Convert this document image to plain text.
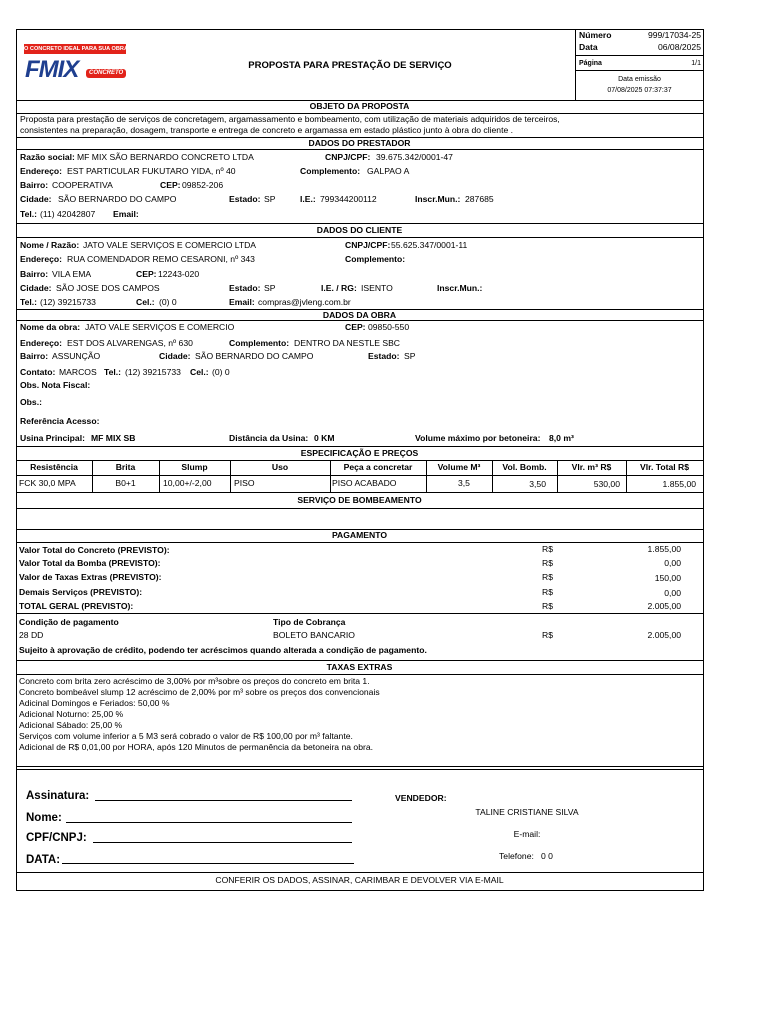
O CONCRETO IDEAL PARA SUA OBRA!
FMIX	CONCRETO
PROPOSTA PARA PRESTAÇÃO DE SERVIÇO
Número	999/17034-25
Data	06/08/2025
Página	1/1
Data emissão
07/08/2025 07:37:37
OBJETO DA PROPOSTA
Proposta para prestação de serviços de concretagem, argamassamento e bombeamento, com utilização de materiais adquiridos de terceiros,
consistentes na preparação, dosagem, transporte e entrega de concreto e argamassa em estado plástico junto à obra do cliente .
DADOS DO PRESTADOR
Razão social: MF MIX SÃO BERNARDO CONCRETO LTDA	CNPJ/CPF: 39.675.342/0001-47
Endereço: EST PARTICULAR FUKUTARO YIDA, nº 40	Complemento: GALPAO A
Bairro: COOPERATIVA	CEP: 09852-206
Cidade: SÃO BERNARDO DO CAMPO	Estado: SP	I.E.: 799344200112	Inscr.Mun.: 287685
Tel.: (11) 42042807 Email:
DADOS DO CLIENTE
Nome / Razão: JATO VALE SERVIÇOS E COMERCIO LTDA	CNPJ/CPF: 55.625.347/0001-11
Endereço: RUA COMENDADOR REMO CESARONI, nº 343	Complemento:
Bairro: VILA EMA	CEP: 12243-020
Cidade: SÃO JOSE DOS CAMPOS	Estado: SP	I.E. / RG: ISENTO	Inscr.Mun.:
Tel.: (12) 39215733	Cel.: (0) 0	Email: compras@jvleng.com.br
DADOS DA OBRA
Nome da obra: JATO VALE SERVIÇOS E COMERCIO	CEP: 09850-550
Endereço: EST DOS ALVARENGAS, nº 630	Complemento: DENTRO DA NESTLE SBC
Bairro: ASSUNÇÃO	Cidade: SÃO BERNARDO DO CAMPO	Estado: SP
Contato: MARCOS Tel.: (12) 39215733 Cel.: (0) 0
Obs. Nota Fiscal:
Obs.:
Referência Acesso:
Usina Principal: MF MIX SB	Distância da Usina: 0 KM	Volume máximo por betoneira: 8,0 m³
ESPECIFICAÇÃO E PREÇOS
Resistência	Brita	Slump	Uso	Peça a concretar	Volume M³	Vol. Bomb.	Vlr. m³ R$	Vlr. Total R$
FCK 30,0 MPA	B0+1	10,00+/-2,00	PISO	PISO ACABADO	3,5	3,50	530,00	1.855,00
SERVIÇO DE BOMBEAMENTO
PAGAMENTO
Valor Total do Concreto (PREVISTO):	R$	1.855,00
Valor Total da Bomba (PREVISTO):	R$	0,00
Valor de Taxas Extras (PREVISTO):	R$	150,00
Demais Serviços (PREVISTO):	R$	0,00
TOTAL GERAL (PREVISTO):	R$	2.005,00
Condição de pagamento
28 DD
Tipo de Cobrança
BOLETO BANCARIO	R$	2.005,00
Sujeito à aprovação de crédito, podendo ter acréscimos quando alterada a condição de pagamento.
TAXAS EXTRAS
Concreto com brita zero acréscimo de 3,00% por m³sobre os preços do concreto em brita 1.
Concreto bombeável slump 12 acréscimo de 2,00% por m³ sobre os preços dos convencionais
Adicinal Domingos e Feriados: 50,00 %
Adicional Noturno: 25,00 %
Adicional Sábado: 25,00 %
Serviços com volume inferior a 5 M3 será cobrado o valor de R$ 100,00 por m³ faltante.
Adicional de R$ 0,01,00 por HORA, após 120 Minutos de permanência da betoneira na obra.
Assinatura:
Nome:
CPF/CNPJ:
DATA:
VENDEDOR:
TALINE CRISTIANE SILVA
E-mail:
Telefone: 0 0
CONFERIR OS DADOS, ASSINAR, CARIMBAR E DEVOLVER VIA E-MAIL
